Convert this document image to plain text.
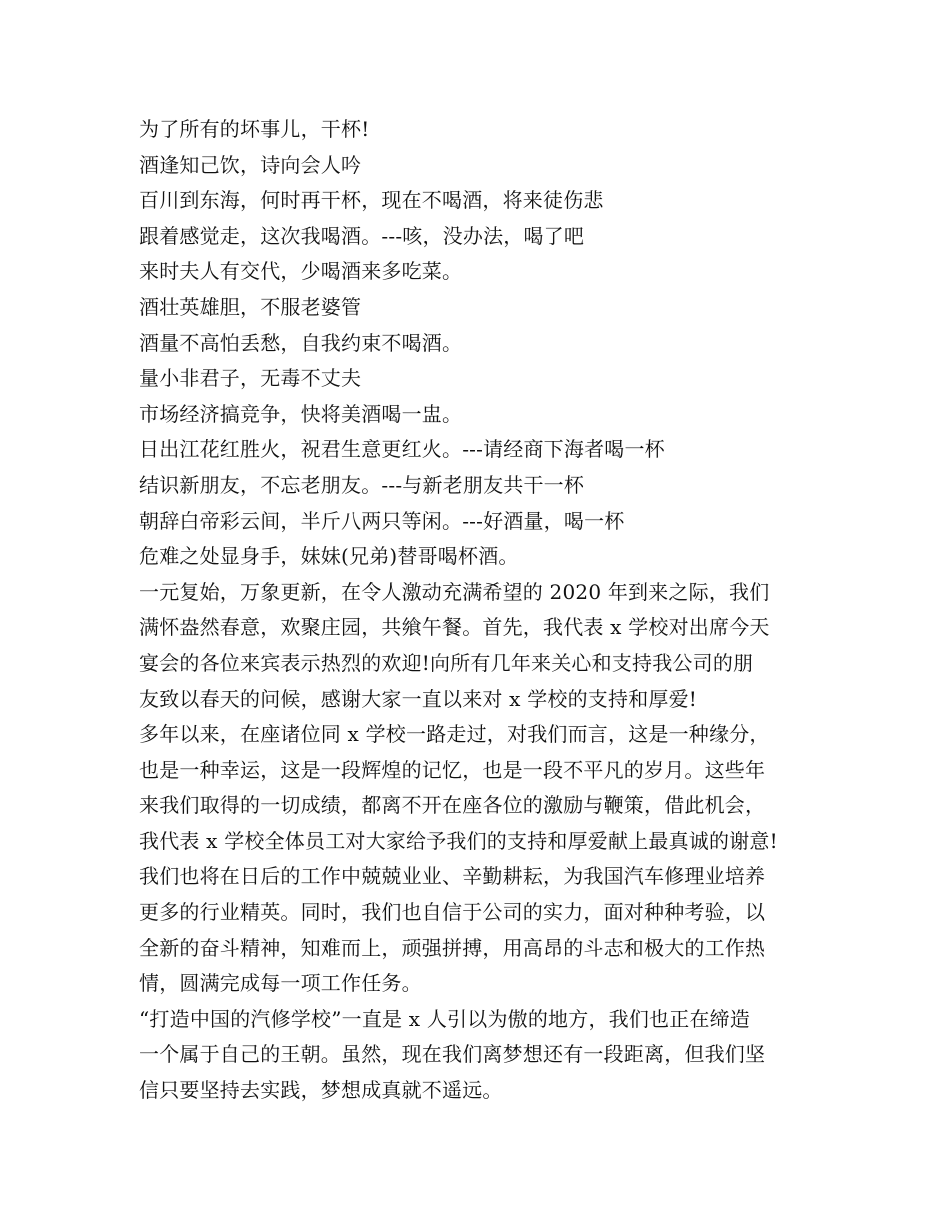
为了所有的坏事儿，干杯!
酒逢知己饮，诗向会人吟
百川到东海，何时再干杯，现在不喝酒，将来徒伤悲
跟着感觉走，这次我喝酒。---咳，没办法，喝了吧
来时夫人有交代，少喝酒来多吃菜。
酒壮英雄胆，不服老婆管
酒量不高怕丢愁，自我约束不喝酒。
量小非君子，无毒不丈夫
市场经济搞竞争，快将美酒喝一盅。
日出江花红胜火，祝君生意更红火。---请经商下海者喝一杯
结识新朋友，不忘老朋友。---与新老朋友共干一杯
朝辞白帝彩云间，半斤八两只等闲。---好酒量，喝一杯
危难之处显身手，妹妹(兄弟)替哥喝杯酒。
一元复始，万象更新，在令人激动充满希望的 2020 年到来之际，我们
满怀盎然春意，欢聚庄园，共飨午餐。首先，我代表 x 学校对出席今天
宴会的各位来宾表示热烈的欢迎!向所有几年来关心和支持我公司的朋
友致以春天的问候，感谢大家一直以来对 x 学校的支持和厚爱!
多年以来，在座诸位同 x 学校一路走过，对我们而言，这是一种缘分，
也是一种幸运，这是一段辉煌的记忆，也是一段不平凡的岁月。这些年
来我们取得的一切成绩，都离不开在座各位的激励与鞭策，借此机会，
我代表 x 学校全体员工对大家给予我们的支持和厚爱献上最真诚的谢意!
我们也将在日后的工作中兢兢业业、辛勤耕耘，为我国汽车修理业培养
更多的行业精英。同时，我们也自信于公司的实力，面对种种考验，以
全新的奋斗精神，知难而上，顽强拼搏，用高昂的斗志和极大的工作热
情，圆满完成每一项工作任务。
“打造中国的汽修学校”一直是 x 人引以为傲的地方，我们也正在缔造
一个属于自己的王朝。虽然，现在我们离梦想还有一段距离，但我们坚
信只要坚持去实践，梦想成真就不遥远。
